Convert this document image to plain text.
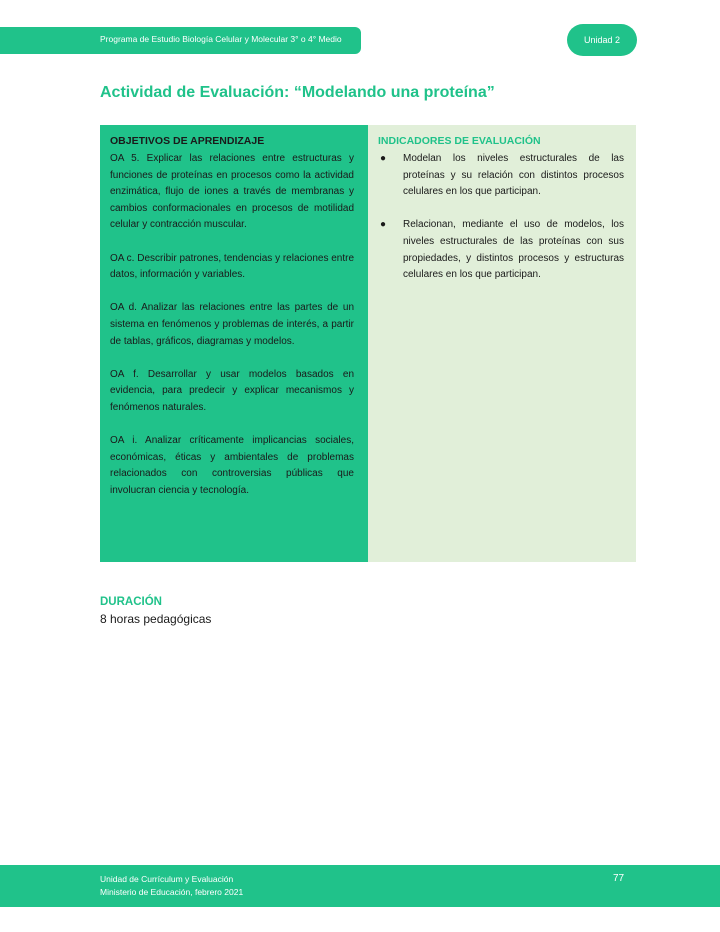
Programa de Estudio Biología Celular y Molecular 3° o 4° Medio	Unidad 2
Actividad de Evaluación: “Modelando una proteína”
OBJETIVOS DE APRENDIZAJE

OA 5. Explicar las relaciones entre estructuras y funciones de proteínas en procesos como la actividad enzimática, flujo de iones a través de membranas y cambios conformacionales en procesos de motilidad celular y contracción muscular.

OA c. Describir patrones, tendencias y relaciones entre datos, información y variables.

OA d. Analizar las relaciones entre las partes de un sistema en fenómenos y problemas de interés, a partir de tablas, gráficos, diagramas y modelos.

OA f. Desarrollar y usar modelos basados en evidencia, para predecir y explicar mecanismos y fenómenos naturales.

OA i. Analizar críticamente implicancias sociales, económicas, éticas y ambientales de problemas relacionados con controversias públicas que involucran ciencia y tecnología.

INDICADORES DE EVALUACIÓN
● Modelan los niveles estructurales de las proteínas y su relación con distintos procesos celulares en los que participan.
● Relacionan, mediante el uso de modelos, los niveles estructurales de las proteínas con sus propiedades, y distintos procesos y estructuras celulares en los que participan.
DURACIÓN
8 horas pedagógicas
Unidad de Currículum y Evaluación
Ministerio de Educación, febrero 2021
77
